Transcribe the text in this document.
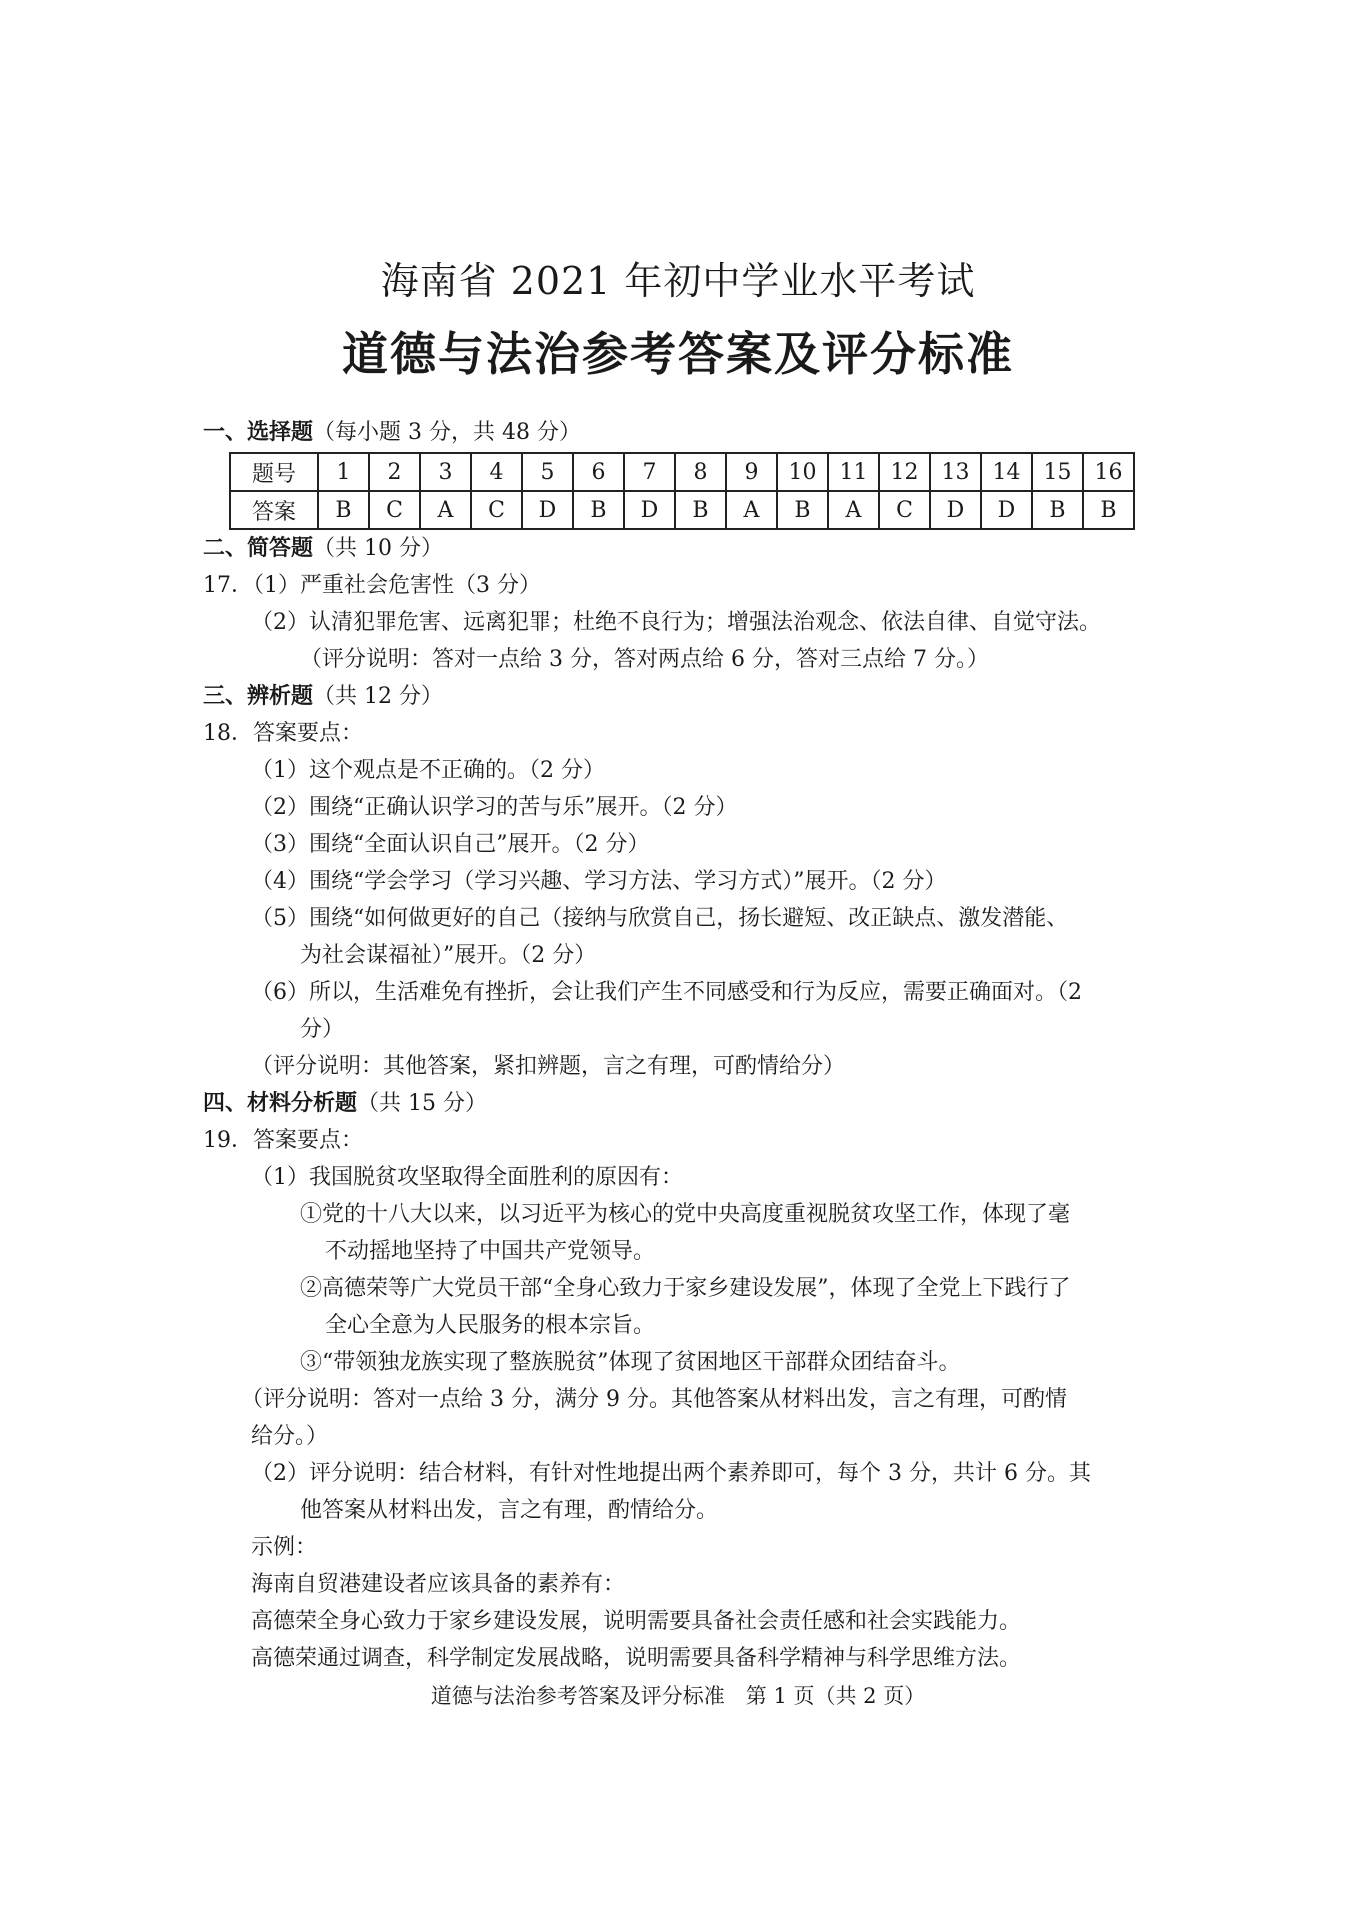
海南省 2021 年初中学业水平考试
道德与法治参考答案及评分标准
一、选择题（每小题 3 分，共 48 分）
题号	1	2	3	4	5	6	7	8	9	10	11	12	13	14	15	16
答案	B	C	A	C	D	B	D	B	A	B	A	C	D	D	B	B
二、简答题（共 10 分）
17．（1）严重社会危害性（3 分）
（2）认清犯罪危害、远离犯罪；杜绝不良行为；增强法治观念、依法自律、自觉守法。
（评分说明：答对一点给 3 分，答对两点给 6 分，答对三点给 7 分。）
三、辨析题（共 12 分）
18．答案要点：
（1）这个观点是不正确的。（2 分）
（2）围绕“正确认识学习的苦与乐”展开。（2 分）
（3）围绕“全面认识自己”展开。（2 分）
（4）围绕“学会学习（学习兴趣、学习方法、学习方式）”展开。（2 分）
（5）围绕“如何做更好的自己（接纳与欣赏自己，扬长避短、改正缺点、激发潜能、
为社会谋福祉）”展开。（2 分）
（6）所以，生活难免有挫折，会让我们产生不同感受和行为反应，需要正确面对。（2
分）
（评分说明：其他答案，紧扣辨题，言之有理，可酌情给分）
四、材料分析题（共 15 分）
19．答案要点：
（1）我国脱贫攻坚取得全面胜利的原因有：
①党的十八大以来，以习近平为核心的党中央高度重视脱贫攻坚工作，体现了毫
不动摇地坚持了中国共产党领导。
②高德荣等广大党员干部“全身心致力于家乡建设发展”，体现了全党上下践行了
全心全意为人民服务的根本宗旨。
③“带领独龙族实现了整族脱贫”体现了贫困地区干部群众团结奋斗。
（评分说明：答对一点给 3 分，满分 9 分。其他答案从材料出发，言之有理，可酌情
给分。）
（2）评分说明：结合材料，有针对性地提出两个素养即可，每个 3 分，共计 6 分。其
他答案从材料出发，言之有理，酌情给分。
示例：
海南自贸港建设者应该具备的素养有：
高德荣全身心致力于家乡建设发展，说明需要具备社会责任感和社会实践能力。
高德荣通过调查，科学制定发展战略，说明需要具备科学精神与科学思维方法。
道德与法治参考答案及评分标准　第 1 页（共 2 页）
